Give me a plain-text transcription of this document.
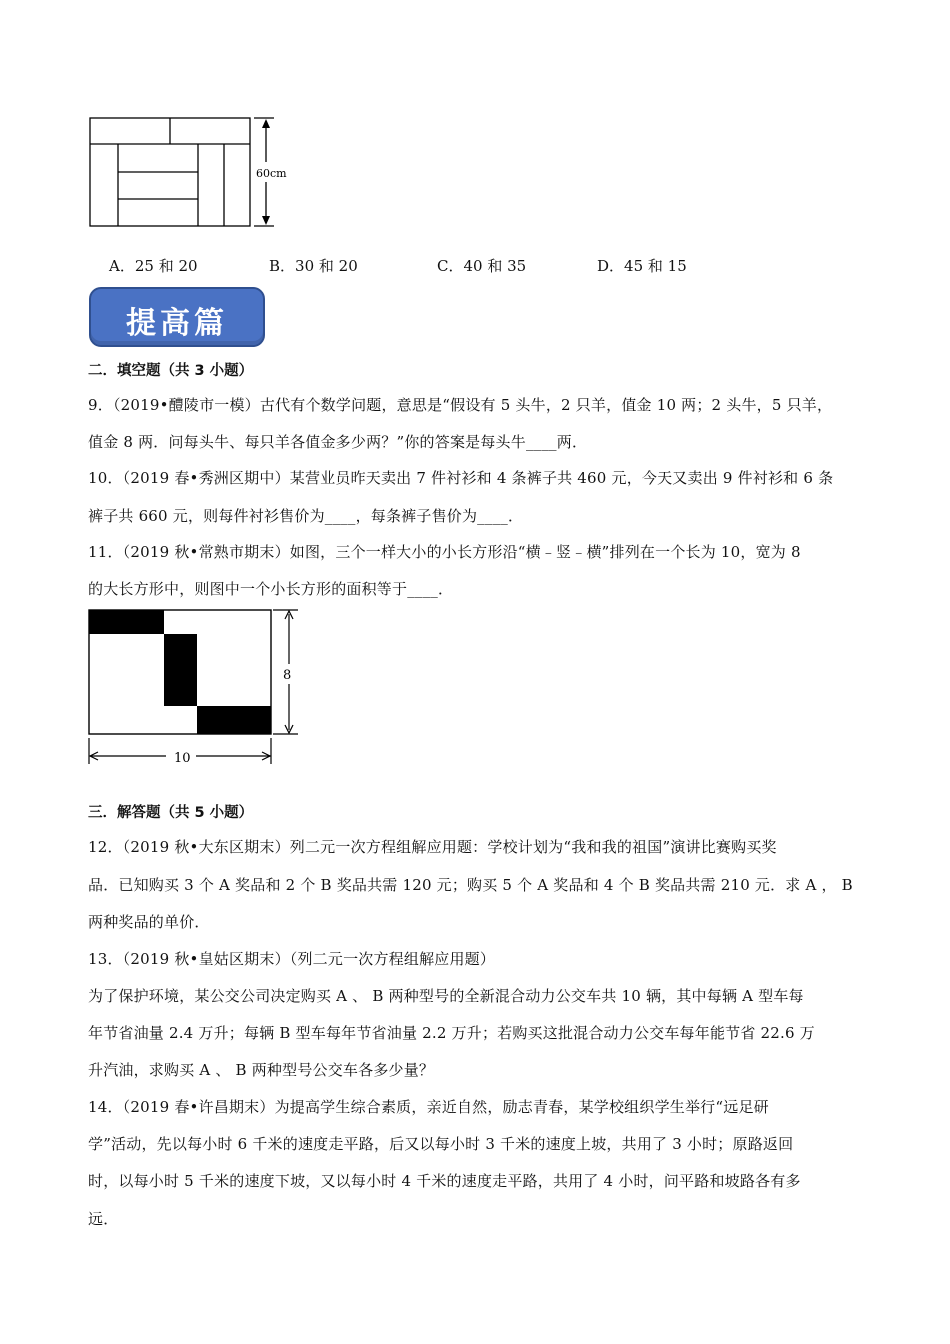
60cm
A．25 和 20	B．30 和 20	C．40 和 35	D．45 和 15
提高篇
二．填空题（共 3 小题）
9．（2019•醴陵市一模）古代有个数学问题，意思是“假设有 5 头牛，2 只羊，值金 10 两；2 头牛，5 只羊，
值金 8 两．问每头牛、每只羊各值金多少两？”你的答案是每头牛____两．
10．（2019 春•秀洲区期中）某营业员昨天卖出 7 件衬衫和 4 条裤子共 460 元，今天又卖出 9 件衬衫和 6 条
裤子共 660 元，则每件衬衫售价为____，每条裤子售价为____．
11．（2019 秋•常熟市期末）如图，三个一样大小的小长方形沿“横﹣竖﹣横”排列在一个长为 10，宽为 8
的大长方形中，则图中一个小长方形的面积等于____．
8
10
三．解答题（共 5 小题）
12．（2019 秋•大东区期末）列二元一次方程组解应用题：学校计划为“我和我的祖国”演讲比赛购买奖
品．已知购买 3 个 A 奖品和 2 个 B 奖品共需 120 元；购买 5 个 A 奖品和 4 个 B 奖品共需 210 元．求 A ， B
两种奖品的单价．
13．（2019 秋•皇姑区期末）（列二元一次方程组解应用题）
为了保护环境，某公交公司决定购买 A 、 B 两种型号的全新混合动力公交车共 10 辆，其中每辆 A 型车每
年节省油量 2.4 万升；每辆 B 型车每年节省油量 2.2 万升；若购买这批混合动力公交车每年能节省 22.6 万
升汽油，求购买 A 、 B 两种型号公交车各多少量？
14．（2019 春•许昌期末）为提高学生综合素质，亲近自然，励志青春，某学校组织学生举行“远足研
学”活动，先以每小时 6 千米的速度走平路，后又以每小时 3 千米的速度上坡，共用了 3 小时；原路返回
时，以每小时 5 千米的速度下坡，又以每小时 4 千米的速度走平路，共用了 4 小时，问平路和坡路各有多
远．
